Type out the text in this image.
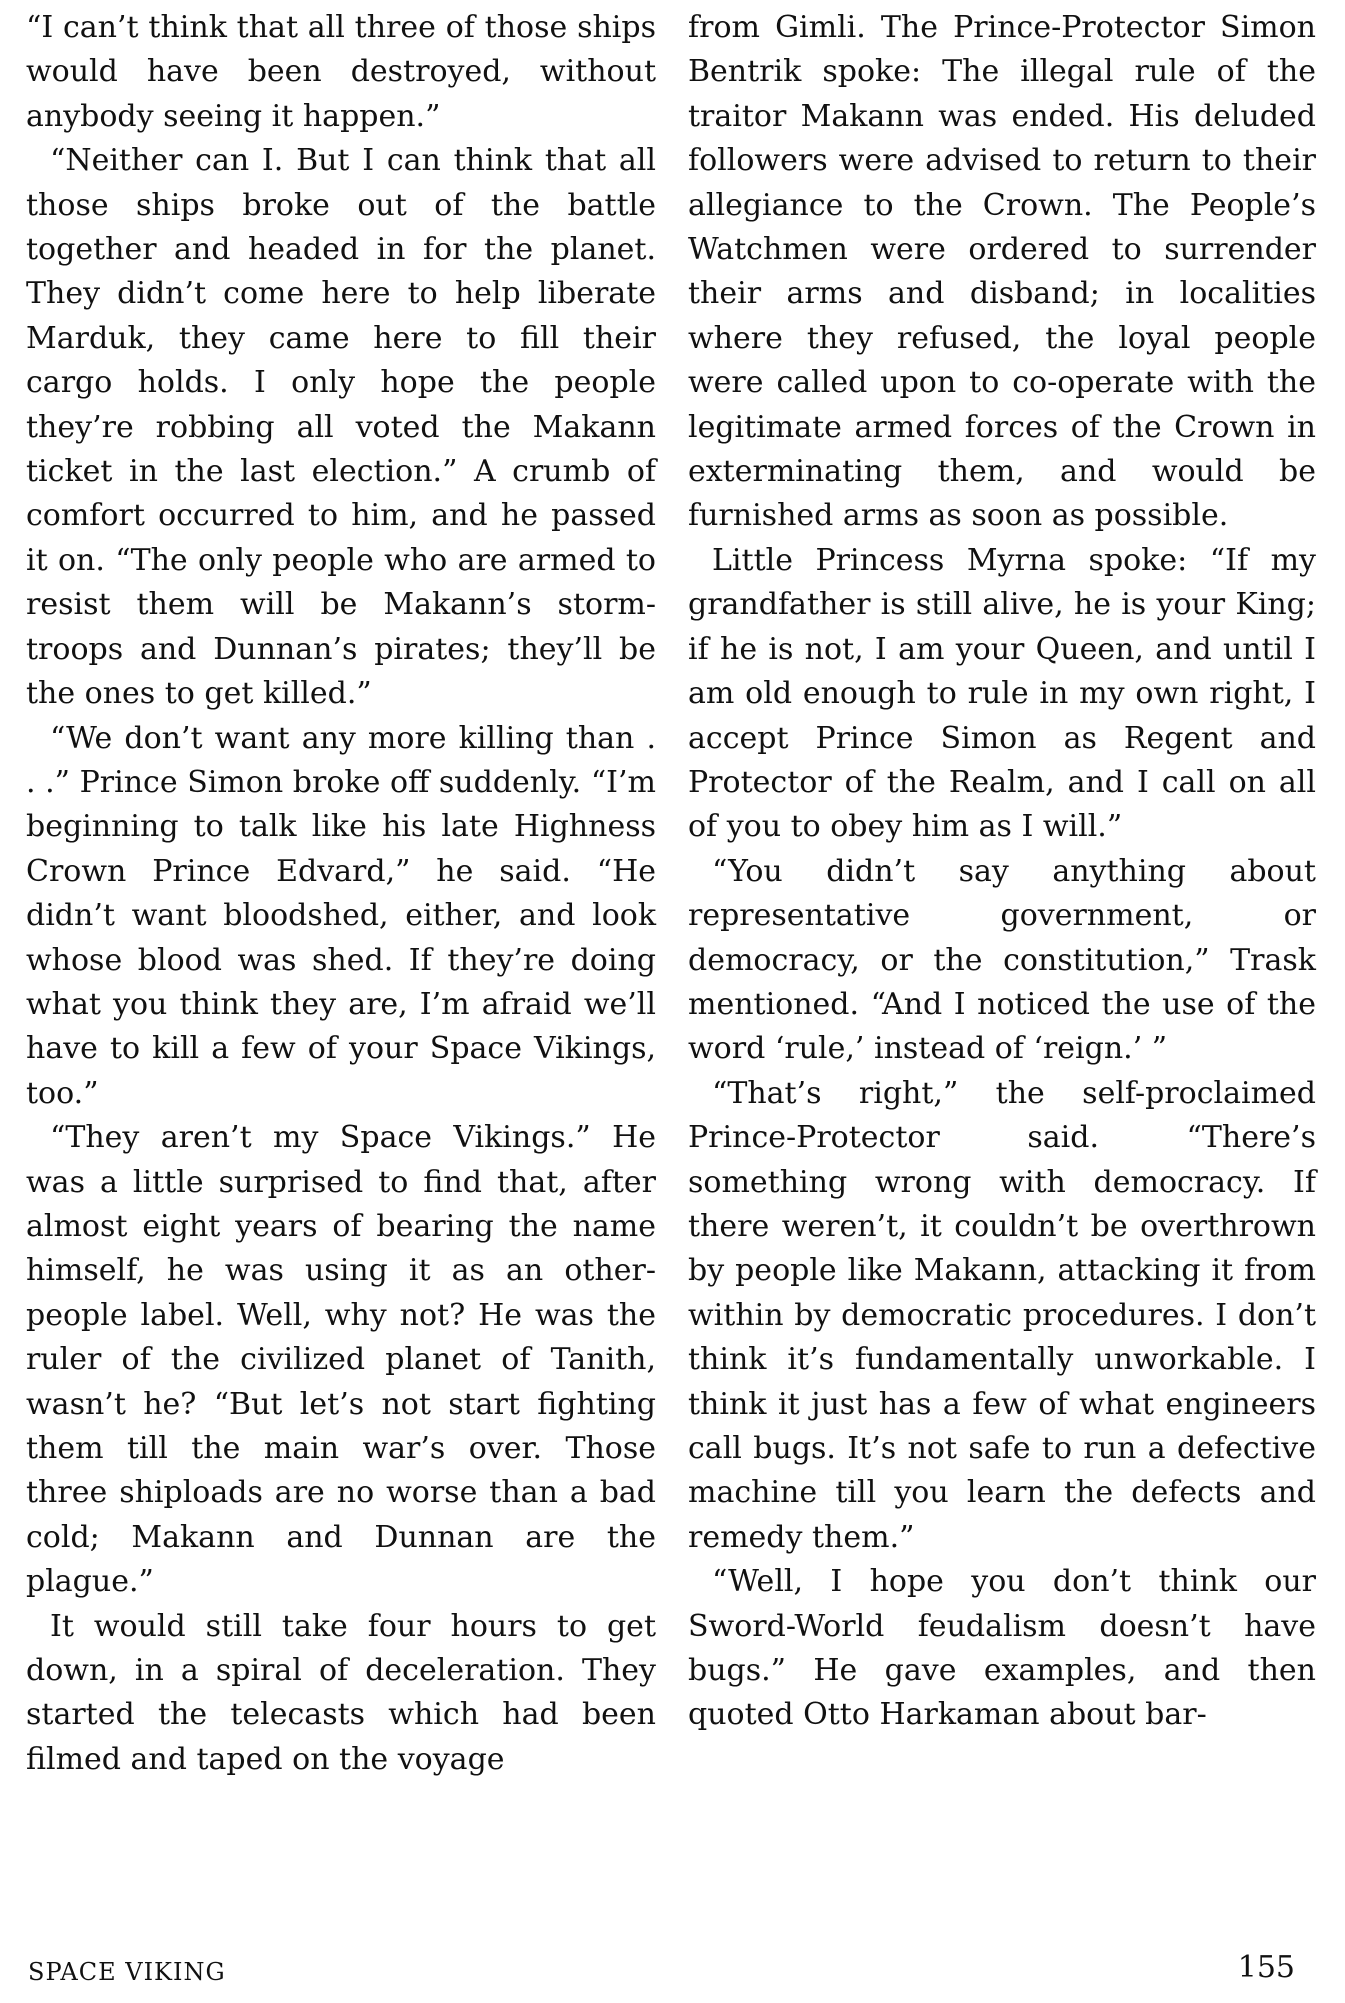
“I can’t think that all three of those ships would have been destroyed, without anybody seeing it happen.”

“Neither can I. But I can think that all those ships broke out of the battle together and headed in for the planet. They didn’t come here to help liberate Marduk, they came here to fill their cargo holds. I only hope the people they’re robbing all voted the Makann ticket in the last election.” A crumb of comfort occurred to him, and he passed it on. “The only people who are armed to resist them will be Makann’s storm-troops and Dunnan’s pirates; they’ll be the ones to get killed.”

“We don’t want any more killing than . . .” Prince Simon broke off suddenly. “I’m beginning to talk like his late Highness Crown Prince Edvard,” he said. “He didn’t want bloodshed, either, and look whose blood was shed. If they’re doing what you think they are, I’m afraid we’ll have to kill a few of your Space Vikings, too.”

“They aren’t my Space Vikings.” He was a little surprised to find that, after almost eight years of bearing the name himself, he was using it as an other-people label. Well, why not? He was the ruler of the civilized planet of Tanith, wasn’t he? “But let’s not start fighting them till the main war’s over. Those three shiploads are no worse than a bad cold; Makann and Dunnan are the plague.”

It would still take four hours to get down, in a spiral of deceleration. They started the telecasts which had been filmed and taped on the voyage

from Gimli. The Prince-Protector Simon Bentrik spoke: The illegal rule of the traitor Makann was ended. His deluded followers were advised to return to their allegiance to the Crown. The People’s Watchmen were ordered to surrender their arms and disband; in localities where they refused, the loyal people were called upon to co-operate with the legitimate armed forces of the Crown in exterminating them, and would be furnished arms as soon as possible.

Little Princess Myrna spoke: “If my grandfather is still alive, he is your King; if he is not, I am your Queen, and until I am old enough to rule in my own right, I accept Prince Simon as Regent and Protector of the Realm, and I call on all of you to obey him as I will.”

“You didn’t say anything about representative government, or democracy, or the constitution,” Trask mentioned. “And I noticed the use of the word ‘rule,’ instead of ‘reign.’ ”

“That’s right,” the self-proclaimed Prince-Protector said. “There’s something wrong with democracy. If there weren’t, it couldn’t be overthrown by people like Makann, attacking it from within by democratic procedures. I don’t think it’s fundamentally unworkable. I think it just has a few of what engineers call bugs. It’s not safe to run a defective machine till you learn the defects and remedy them.”

“Well, I hope you don’t think our Sword-World feudalism doesn’t have bugs.” He gave examples, and then quoted Otto Harkaman about bar-

SPACE VIKING	155
